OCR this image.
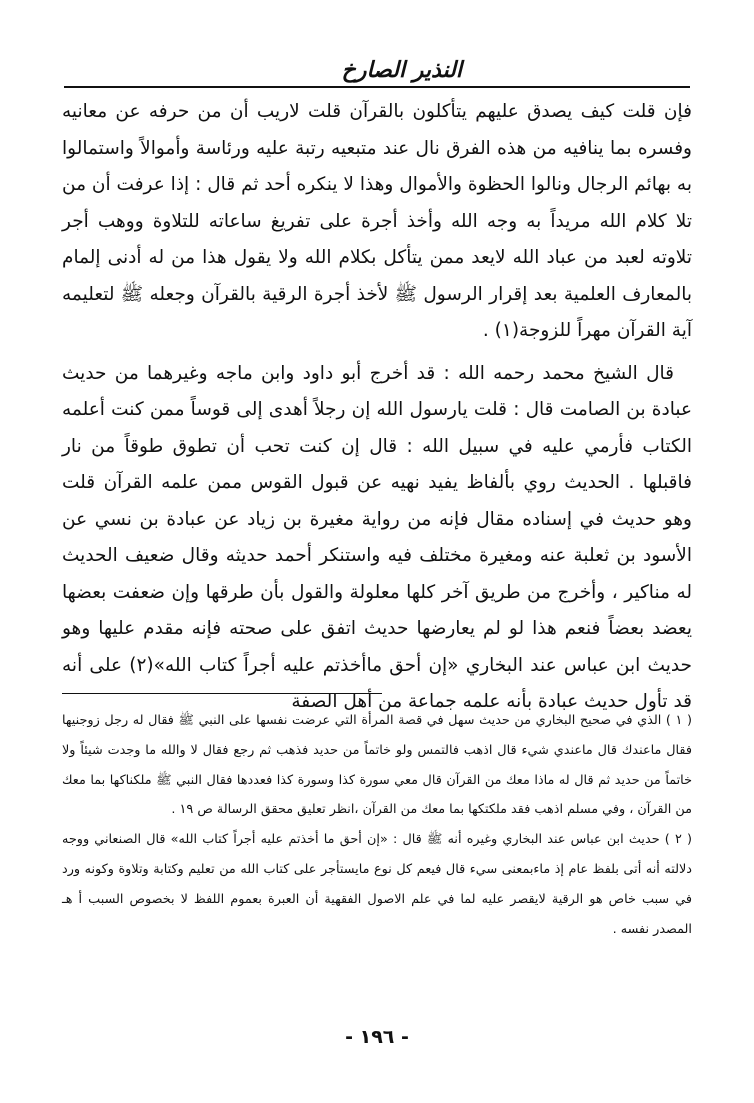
النذير الصارخ

فإن قلت كيف يصدق عليهم يتأكلون بالقرآن قلت لاريب أن من حرفه عن معانيه وفسره بما ينافيه من هذه الفرق نال عند متبعيه رتبة عليه ورئاسة وأموالاً واستمالوا به بهائم الرجال ونالوا الحظوة والأموال وهذا لا ينكره أحد ثم قال : إذا عرفت أن من تلا كلام الله مريداً به وجه الله وأخذ أجرة على تفريغ ساعاته للتلاوة ووهب أجر تلاوته لعبد من عباد الله لايعد ممن يتأكل بكلام الله ولا يقول هذا من له أدنى إلمام بالمعارف العلمية بعد إقرار الرسول ﷺ لأخذ أجرة الرقية بالقرآن وجعله ﷺ لتعليمه آية القرآن مهراً للزوجة(١) .

قال الشيخ محمد رحمه الله : قد أخرج أبو داود وابن ماجه وغيرهما من حديث عبادة بن الصامت قال : قلت يارسول الله إن رجلاً أهدى إلى قوساً ممن كنت أعلمه الكتاب فأرمي عليه في سبيل الله : قال إن كنت تحب أن تطوق طوقاً من نار فاقبلها . الحديث روي بألفاظ يفيد نهيه عن قبول القوس ممن علمه القرآن قلت وهو حديث في إسناده مقال فإنه من رواية مغيرة بن زياد عن عبادة بن نسي عن الأسود بن ثعلبة عنه ومغيرة مختلف فيه واستنكر أحمد حديثه وقال ضعيف الحديث له مناكير ، وأخرج من طريق آخر كلها معلولة والقول بأن طرقها وإن ضعفت بعضها يعضد بعضاً فنعم هذا لو لم يعارضها حديث اتفق على صحته فإنه مقدم عليها وهو حديث ابن عباس عند البخاري «إن أحق ماأخذتم عليه أجراً كتاب الله»(٢) على أنه قد تأول حديث عبادة بأنه علمه جماعة من أهل الصفة

( ١ ) الذي في صحيح البخاري من حديث سهل في قصة المرأة التي عرضت نفسها على النبي ﷺ فقال له رجل زوجنيها فقال ماعندك قال ماعندي شيء قال اذهب فالتمس ولو خاتماً من حديد فذهب ثم رجع فقال لا والله ما وجدت شيئاً ولا خاتماً من حديد ثم قال له ماذا معك من القرآن قال معي سورة كذا وسورة كذا فعددها فقال النبي ﷺ ملكناكها بما معك من القرآن ، وفي مسلم اذهب فقد ملكتكها بما معك من القرآن ،انظر تعليق محقق الرسالة ص ١٩ .

( ٢ ) حديث ابن عباس عند البخاري وغيره أنه ﷺ قال : «إن أحق ما أخذتم عليه أجراً كتاب الله» قال الصنعاني ووجه دلالته أنه أتى بلفظ عام إذ ماءبمعنى سيء قال فيعم كل نوع مايستأجر على كتاب الله من تعليم وكتابة وتلاوة وكونه ورد في سبب خاص هو الرقية لايقصر عليه لما في علم الاصول الفقهية أن العبرة بعموم اللفظ لا بخصوص السبب أ هـ المصدر نفسه .

- ١٩٦ -
